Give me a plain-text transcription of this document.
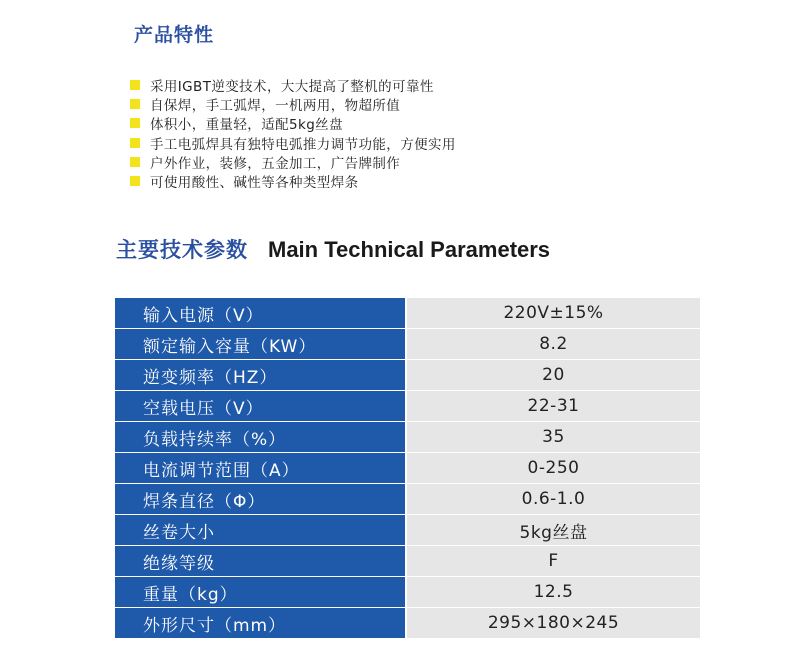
产品特性
采用IGBT逆变技术，大大提高了整机的可靠性
自保焊，手工弧焊，一机两用，物超所值
体积小，重量轻，适配5kg丝盘
手工电弧焊具有独特电弧推力调节功能，方便实用
户外作业，装修，五金加工，广告牌制作
可使用酸性、碱性等各种类型焊条
主要技术参数 Main Technical Parameters
输入电源（V）	220V±15%
额定输入容量（KW）	8.2
逆变频率（HZ）	20
空载电压（V）	22-31
负载持续率（%）	35
电流调节范围（A）	0-250
焊条直径（Φ）	0.6-1.0
丝卷大小	5kg丝盘
绝缘等级	F
重量（kg）	12.5
外形尺寸（mm）	295×180×245
